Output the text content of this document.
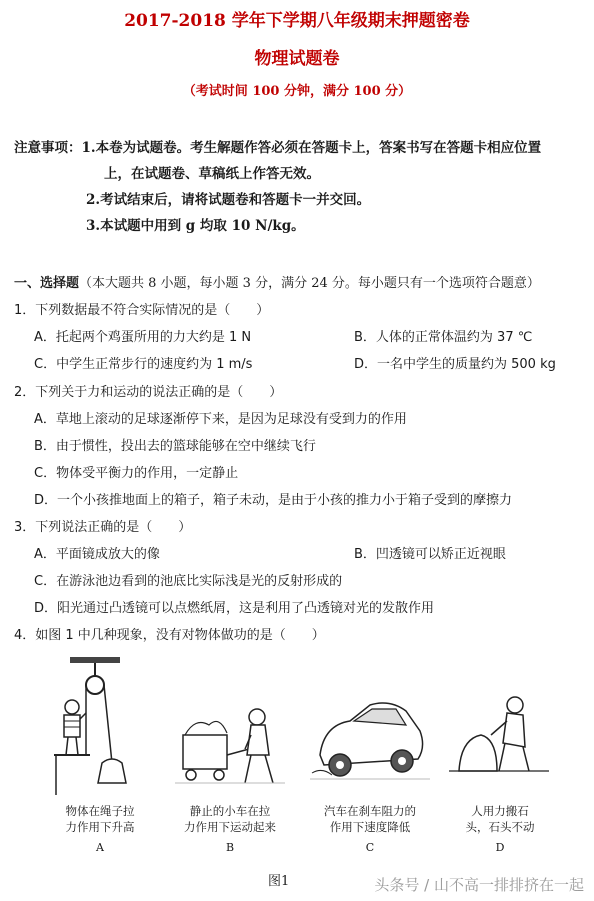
2017-2018 学年下学期八年级期末押题密卷
物理试题卷
（考试时间 100 分钟，满分 100 分）
注意事项：1.本卷为试题卷。考生解题作答必须在答题卡上，答案书写在答题卡相应位置
上，在试题卷、草稿纸上作答无效。
2.考试结束后，请将试题卷和答题卡一并交回。
3.本试题中用到 g 均取 10 N/kg。
一、选择题（本大题共 8 小题，每小题 3 分，满分 24 分。每小题只有一个选项符合题意）
1．下列数据最不符合实际情况的是（　　）
A．托起两个鸡蛋所用的力大约是 1 N	B．人体的正常体温约为 37 ℃
C．中学生正常步行的速度约为 1 m/s	D．一名中学生的质量约为 500 kg
2．下列关于力和运动的说法正确的是（　　）
A．草地上滚动的足球逐渐停下来，是因为足球没有受到力的作用
B．由于惯性，投出去的篮球能够在空中继续飞行
C．物体受平衡力的作用，一定静止
D．一个小孩推地面上的箱子，箱子未动，是由于小孩的推力小于箱子受到的摩擦力
3．下列说法正确的是（　　）
A．平面镜成放大的像	B．凹透镜可以矫正近视眼
C．在游泳池边看到的池底比实际浅是光的反射形成的
D．阳光通过凸透镜可以点燃纸屑，这是利用了凸透镜对光的发散作用
4．如图 1 中几种现象，没有对物体做功的是（　　）
物体在绳子拉
力作用下升高
A
静止的小车在拉
力作用下运动起来
B
汽车在刹车阻力的
作用下速度降低
C
人用力搬石
头，石头不动
D
图1	头条号 / 山不高一排排挤在一起
